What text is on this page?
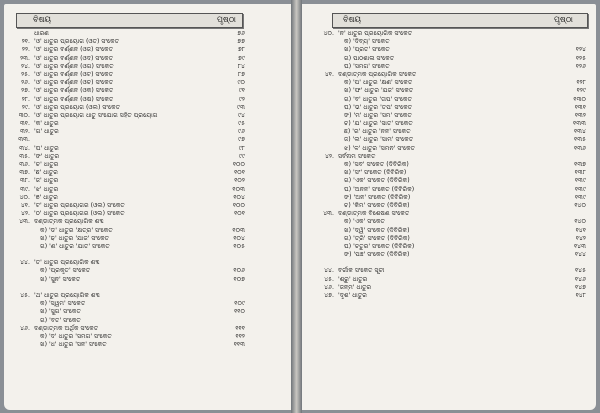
ବିଷୟ	ପୃଷ୍ଠା
ଧାରଣ	୭୬
୨୧. 'ଓ' ଧାତୁର ପ୍ରୟୋଗ (ଓତ) ସଂକେତ	୭୭
୨୨. 'ଓ' ଧାତୁର ବର୍ଣ୍ଣନ (ଓଜ) ସଂକେତ	୭୮
୨୩. 'ଓ' ଧାତୁର ବର୍ଣ୍ଣନ (ଓଦ) ସଂକେତ	୭୯
୨୪. 'ଓ' ଧାତୁର ବର୍ଣ୍ଣନ (ଓଗ) ସଂକେତ	୮୪
୨୫. 'ଓ' ଧାତୁର ବର୍ଣ୍ଣନ (ଓଟ) ସଂକେତ	୮୭
୨୬. 'ଓ' ଧାତୁର ବର୍ଣ୍ଣନ (ଓଚ) ସଂକେତ	୯୦
୨୭. 'ଓ' ଧାତୁର ବର୍ଣ୍ଣନ (ଓକ) ସଂକେତ	୯୧
୨୮. 'ଓ' ଧାତୁର ବର୍ଣ୍ଣନ (ଓଷ) ସଂକେତ	୯୨
୨୯. 'ଓ' ଧାତୁର ପ୍ରୟୋଗ (ଓଲ) ସଂକେତ	୯୩
୩୦. 'ଓ' ଧାତୁର ପ୍ରୟୋଗ ଧାତୁ ସଂଯୋଗ ସହିତ ପ୍ରୟୋଗ	୯୪
୩୧. 'କ' ଧାତୁର	୯୫
୩୨. 'ଗ' ଧାତୁର	୯୬
୩୩.	୯୭
୩୪. 'ଘ' ଧାତୁର	୯୮
୩୫. 'ଙ' ଧାତୁର	୯୯
୩୬. 'ଚ' ଧାତୁର	୧୦୦
୩୭. 'ଛ' ଧାତୁର	୧୦୧
୩୮. 'ଜ' ଧାତୁର	୧୦୨
୩୯. 'ଝ' ଧାତୁର	୧୦୩
୪୦. 'ଞ' ଧାତୁର	୧୦୪
୪୧. 'ଟ' ଧାତୁର ପ୍ରୟୋଗର (ଓଲ) ସଂକେତ	୧୦୦
୪୨. 'ଠ' ଧାତୁର ପ୍ରୟୋଗର (ଓଲ) ସଂକେତ	୧୦୧
୪୩. ଦଣ୍ଡାତ୍ମକ ପ୍ରୟୋଗିକ ଶବ୍ଦ
କ) 'ଡ' ଧାତୁର 'କ୍ଷତ୍ର' ସଂକେତ	୧୦୩
ଖ) 'ଢ' ଧାତୁର 'ଯାଜ' ସଂକେତ	୧୦୪
ଗ) 'ଣ' ଧାତୁର 'ଯାତ' ସଂକେତ	୧୦୫
୪୪. 'ତ' ଧାତୁର ପ୍ରୟୋଗିକ ଶବ୍ଦ
କ) 'ପ୍ରକୃତ' ସଂକେତ	୧୦୬
ଖ) 'ସୁନ' ସଂକେତ	୧୦୭
୪୫. 'ଥ' ଧାତୁର ପ୍ରୟୋଗିକ ଶବ୍ଦ
କ) 'ସ୍ୱମ' ସଂକେତ	୧୦୯
ଖ) 'ସୁଗ' ସଂକେତ	୧୧୦
ଗ) 'ବତ' ସଂକେତ
୪୬. ଦଣ୍ଡାତ୍ମକ ଅର୍ଥିକ ସଂକେତ	୧୧୧
କ) 'ଦ' ଧାତୁର 'ସମଗ' ସଂକେତ	୧୧୨
ଖ) 'ଧ' ଧାତୁର 'ସନ' ସଂକେତ	୧୧୩
ବିଷୟ	ପୃଷ୍ଠା
୪୦. 'ନ' ଧାତୁର ପ୍ରୟୋଗିକ ସଂକେତ
କ) 'ଦିବ୍ୟ' ସଂକେତ
ଖ) 'ପ୍ରତ' ସଂକେତ	୧୨୪
ଗ) ପାଠଶାଳା ସଂକେତ	୧୨୫
ଘ) 'ସମଗ' ସଂକେତ	୧୨୬
୪୧. ଦଣ୍ଡାତ୍ମକ ପ୍ରୟୋଗିକ ସଂକେତ
କ) 'ପ' ଧାତୁର 'କ୍ଷଣ' ସଂକେତ	୧୨୮
ଖ) 'ଫ' ଧାତୁର 'ଯଜ' ସଂକେତ	୧୨୯
ଗ) 'ବ' ଧାତୁର 'ତାପ' ସଂକେତ	୧୩୦
ଘ) 'ଭ' ଧାତୁର 'ତପ' ସଂକେତ	୧୩୧
ଙ) 'ମ' ଧାତୁର 'ସମ' ସଂକେତ	୧୩୨
ଚ) 'ଯ' ଧାତୁର 'ସାତ' ସଂକେତ	୧୩୩
ଛ) 'ର' ଧାତୁର 'ନନ' ସଂକେତ	୧୩୪
ଜ) 'ଲ' ଧାତୁର 'ସାମ' ସଂକେତ	୧୩୫
ଝ) 'ଳ' ଧାତୁର 'ସମନ' ସଂକେତ	୧୩୬
୪୨. ସର୍ବନାମ ସଂକେତ
କ) 'ସବ' ସଂକେତ (ଦିବିରିକ)	୧୩୭
ଖ) 'ସଂ' ସଂକେତ (ଦିବିରିକ)	୧୩୮
ଗ) 'ଏକ' ସଂକେତ (ଦିବିରିକ)	୧୩୯
ଘ) 'ଅନନ' ସଂକେତ (ଦିବିରିକ)	୧୩୯
ଙ) 'ଅନ' ସଂକେତ (ଦିବିରିକ)	୧୩୯
ଚ) 'କିମ' ସଂକେତ (ଦିବିରିକ)	୧୪୦
୪୩. ଦଣ୍ଡାତ୍ମକ ବିଶେଷଣ ସଂକେତ
କ) 'ଏକ' ସଂକେତ	୧୪୦
ଖ) 'ଦ୍ୱି' ସଂକେତ (ଦିବିରିକ)	୧୪୧
ଗ) 'ତ୍ରି' ସଂକେତ (ଦିବିରିକ)	୧୪୨
ଘ) 'ଚତୁର' ସଂକେତ (ଦିବିରିକ)	୧୪୩
ଙ) 'ପଞ୍ଚ' ସଂକେତ (ଦିବିରିକ)	୧୪୪
୪୪. ବର୍ଗୀକ ସଂକେତ ସୂଚୀ	୧୪୫
୪୫. 'ଶ୍ରୁ' ଧାତୁର	୧୪୬
୪୬. 'ଜନ୍ମ' ଧାତୁର	୧୪୭
୪୭. 'ଦୃଶ' ଧାତୁର	୧୪୮
